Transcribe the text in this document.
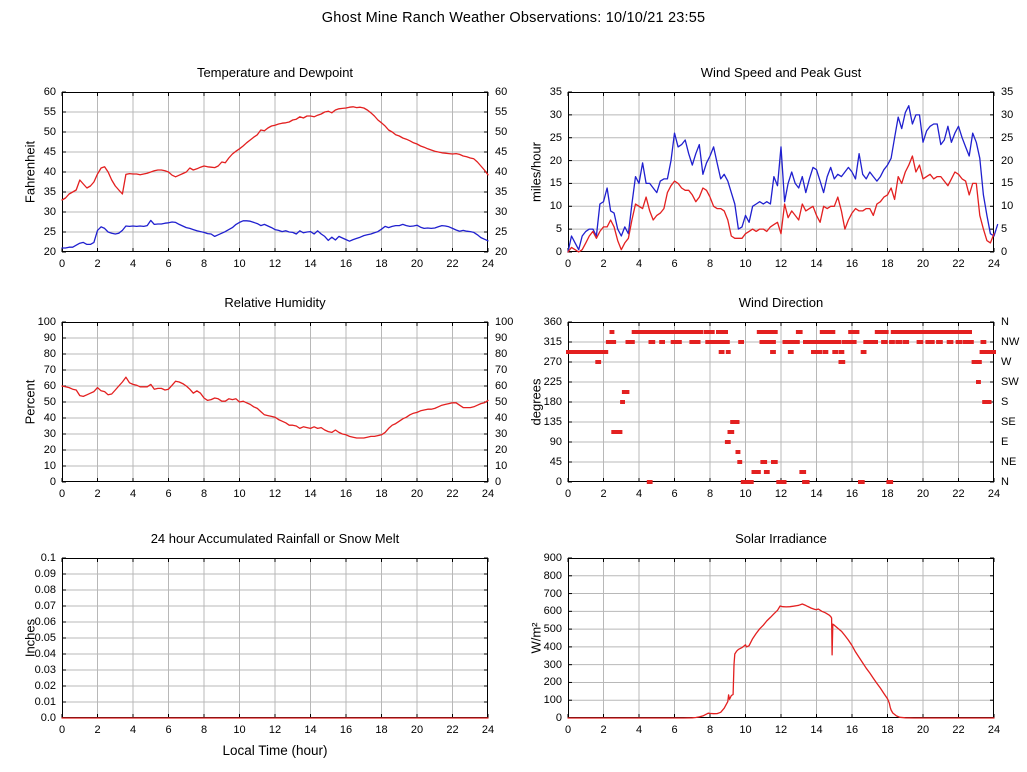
Ghost Mine Ranch Weather Observations: 10/10/21 23:55
Temperature and Dewpoint
Fahrenheit
20	20
25	25
30	30
35	35
40	40
45	45
50	50
55	55
60	60
0	2	4	6	8	10	12	14	16	18	20	22	24
Wind Speed and Peak Gust
miles/hour
0	0
5	5
10	10
15	15
20	20
25	25
30	30
35	35
0	2	4	6	8	10	12	14	16	18	20	22	24
Relative Humidity
Percent
0	0
10	10
20	20
30	30
40	40
50	50
60	60
70	70
80	80
90	90
100	100
0	2	4	6	8	10	12	14	16	18	20	22	24
Wind Direction
degrees
0	N
45	NE
90	E
135	SE
180	S
225	SW
270	W
315	NW
360	N
0	2	4	6	8	10	12	14	16	18	20	22	24
24 hour Accumulated Rainfall or Snow Melt
Inches
0.0
0.01
0.02
0.03
0.04
0.05
0.06
0.07
0.08
0.09
0.1
0	2	4	6	8	10	12	14	16	18	20	22	24
Local Time (hour)
Solar Irradiance
W/m²
0
100
200
300
400
500
600
700
800
900
0	2	4	6	8	10	12	14	16	18	20	22	24
